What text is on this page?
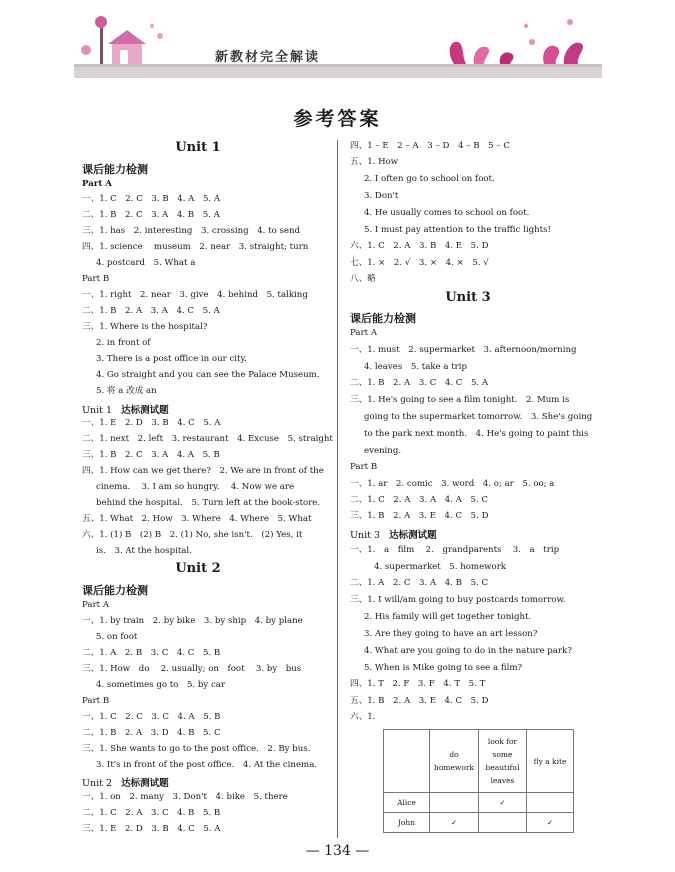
新教材完全解读
参考答案
Unit 1
课后能力检测
Part A
一、1. C　2. C　3. B　4. A　5. A
二、1. B　2. C　3. A　4. B　5. A
三、1. has　2. interesting　3. crossing　4. to send
四、1. science　 museum　2. near　3. straight; turn
4. postcard　5. What a
Part B
一、1. right　2. near　3. give　4. behind　5. talking
二、1. B　2. A　3. A　4. C　5. A
三、1. Where is the hospital?
2. in front of
3. There is a post office in our city.
4. Go straight and you can see the Palace Museum.
5. 将 a 改成 an
Unit 1 达标测试题
一、1. E　2. D　3. B　4. C　5. A
二、1. next　2. left　3. restaurant　4. Excuse　5. straight
三、1. B　2. C　3. A　4. A　5. B
四、1. How can we get there?　2. We are in front of the
cinema.　 3. I am so hungry.　 4. Now we are
behind the hospital.　5. Turn left at the book-store.
五、1. What　2. How　3. Where　4. Where　5. What
六、1. (1) B　(2) B　2. (1) No, she isn't.　(2) Yes, it
is.　3. At the hospital.
Unit 2
课后能力检测
Part A
一、1. by train　2. by bike　3. by ship　4. by plane
5. on foot
二、1. A　2. B　3. C　4. C　5. B
三、1. How　do　 2. usually; on　foot　 3. by　bus
4. sometimes go to　5. by car
Part B
一、1. C　2. C　3. C　4. A　5. B
二、1. B　2. A　3. D　4. B　5. C
三、1. She wants to go to the post office.　2. By bus.
3. It's in front of the post office.　4. At the cinema.
Unit 2 达标测试题
一、1. on　2. many　3. Don't　4. bike　5. there
二、1. C　2. A　3. C　4. B　5. B
三、1. E　2. D　3. B　4. C　5. A
四、1 – E　2 – A　3 – D　4 – B　5 – C
五、1. How
2. I often go to school on foot.
3. Don't
4. He usually comes to school on foot.
5. I must pay attention to the traffic lights!
六、1. C　2. A　3. B　4. E　5. D
七、1. ×　2. √　3. ×　4. ×　5. √
八、略
Unit 3
课后能力检测
Part A
一、1. must　2. supermarket　3. afternoon/morning
4. leaves　5. take a trip
二、1. B　2. A　3. C　4. C　5. A
三、1. He's going to see a film tonight.　2. Mum is
going to the supermarket tomorrow.　3. She's going
to the park next month.　4. He's going to paint this
evening.
Part B
一、1. ar　2. comic　3. word　4. o; ar　5. oo; a
二、1. C　2. A　3. A　4. A　5. C
三、1. B　2. A　3. E　4. C　5. D
Unit 3 达标测试题
一、1.　a　film　 2.　grandparents　 3.　a　trip
4. supermarket　5. homework
二、1. A　2. C　3. A　4. B　5. C
三、1. I will/am going to buy postcards tomorrow.
2. His family will get together tonight.
3. Are they going to have an art lesson?
4. What are you going to do in the nature park?
5. When is Mike going to see a film?
四、1. T　2. F　3. F　4. T　5. T
五、1. B　2. A　3. E　4. C　5. D
六、1.
	do homework	look for some beautiful leaves	fly a kite
Alice		✓	
John	✓		✓
— 134 —
